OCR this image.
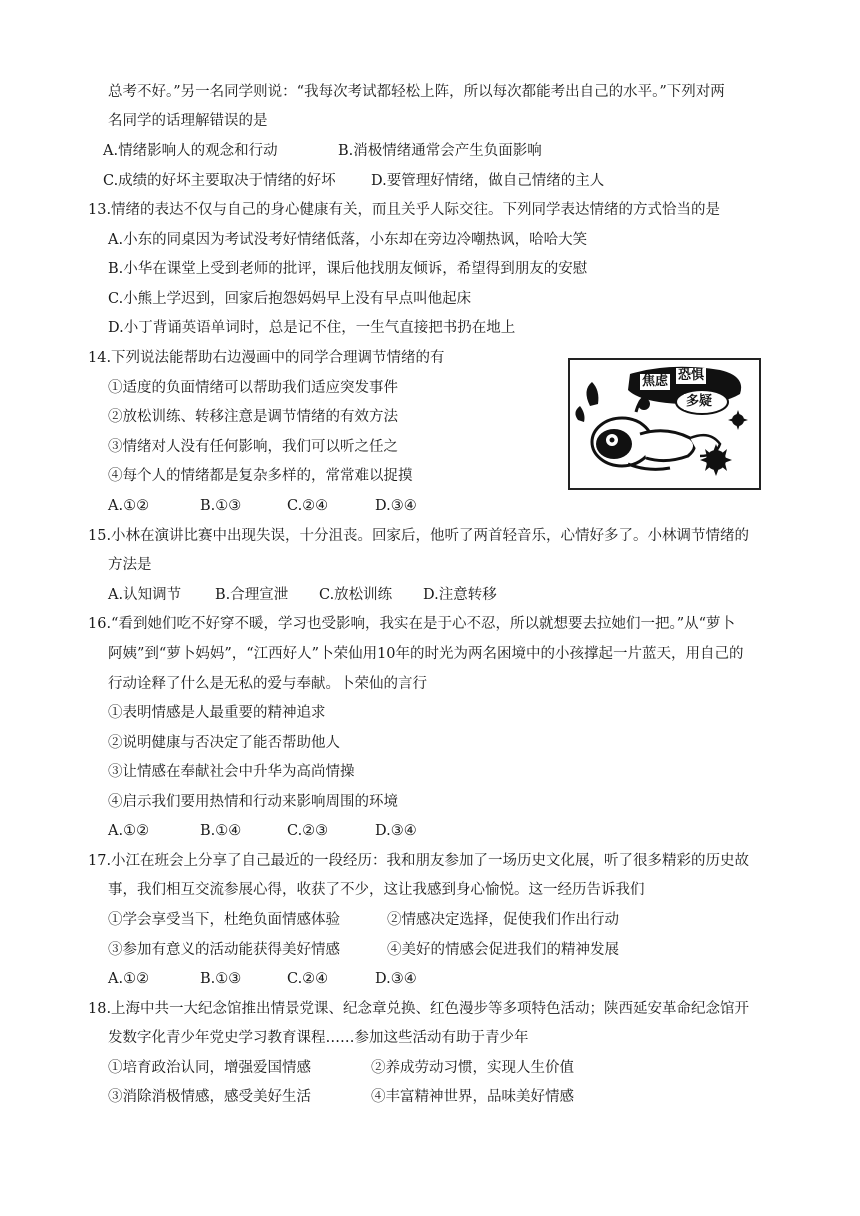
总考不好。”另一名同学则说：“我每次考试都轻松上阵，所以每次都能考出自己的水平。”下列对两
名同学的话理解错误的是
A.情绪影响人的观念和行动	B.消极情绪通常会产生负面影响
C.成绩的好坏主要取决于情绪的好坏 D.要管理好情绪，做自己情绪的主人
13.情绪的表达不仅与自己的身心健康有关，而且关乎人际交往。下列同学表达情绪的方式恰当的是
A.小东的同桌因为考试没考好情绪低落，小东却在旁边冷嘲热讽，哈哈大笑
B.小华在课堂上受到老师的批评，课后他找朋友倾诉，希望得到朋友的安慰
C.小熊上学迟到，回家后抱怨妈妈早上没有早点叫他起床
D.小丁背诵英语单词时，总是记不住，一生气直接把书扔在地上
14.下列说法能帮助右边漫画中的同学合理调节情绪的有
①适度的负面情绪可以帮助我们适应突发事件
②放松训练、转移注意是调节情绪的有效方法
③情绪对人没有任何影响，我们可以听之任之
④每个人的情绪都是复杂多样的，常常难以捉摸
A.①②	B.①③	C.②④	D.③④
焦虑 恐惧
多疑
15.小林在演讲比赛中出现失误，十分沮丧。回家后，他听了两首轻音乐，心情好多了。小林调节情绪的
方法是
A.认知调节 B.合理宣泄 C.放松训练 D.注意转移
16.“看到她们吃不好穿不暖，学习也受影响，我实在是于心不忍，所以就想要去拉她们一把。”从“萝卜
阿姨”到“萝卜妈妈”，“江西好人”卜荣仙用10年的时光为两名困境中的小孩撑起一片蓝天，用自己的
行动诠释了什么是无私的爱与奉献。卜荣仙的言行
①表明情感是人最重要的精神追求
②说明健康与否决定了能否帮助他人
③让情感在奉献社会中升华为高尚情操
④启示我们要用热情和行动来影响周围的环境
A.①②	B.①④	C.②③	D.③④
17.小江在班会上分享了自己最近的一段经历：我和朋友参加了一场历史文化展，听了很多精彩的历史故
事，我们相互交流参展心得，收获了不少，这让我感到身心愉悦。这一经历告诉我们
①学会享受当下，杜绝负面情感体验	②情感决定选择，促使我们作出行动
③参加有意义的活动能获得美好情感	④美好的情感会促进我们的精神发展
A.①②	B.①③	C.②④	D.③④
18.上海中共一大纪念馆推出情景党课、纪念章兑换、红色漫步等多项特色活动；陕西延安革命纪念馆开
发数字化青少年党史学习教育课程……参加这些活动有助于青少年
①培育政治认同，增强爱国情感	②养成劳动习惯，实现人生价值
③消除消极情感，感受美好生活	④丰富精神世界，品味美好情感
